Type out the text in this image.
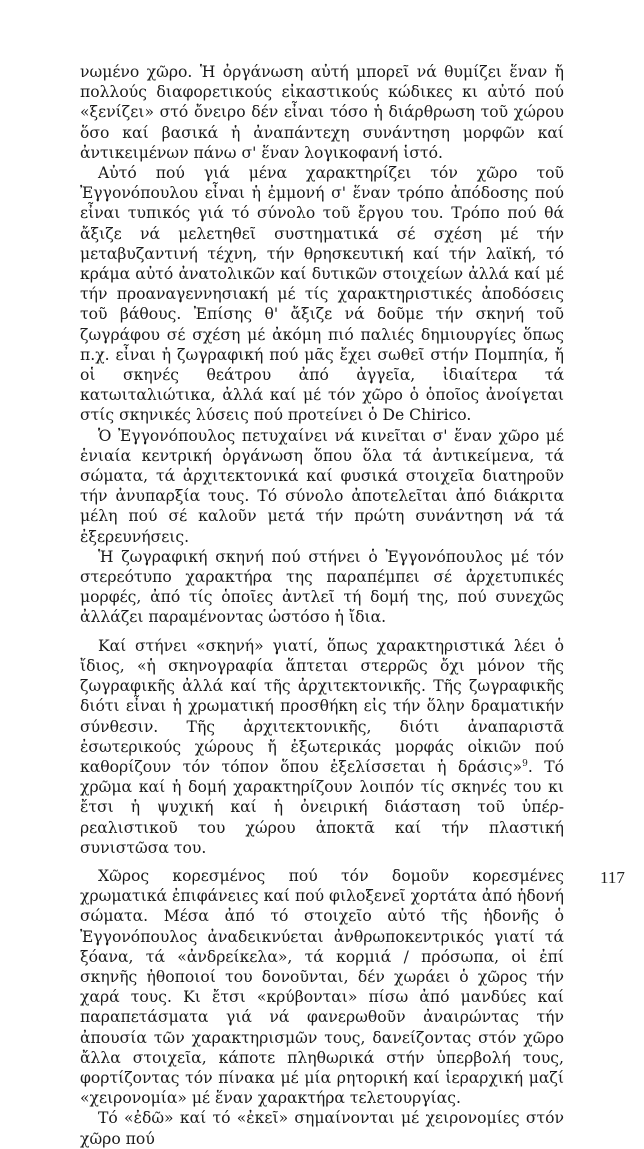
νωμένο χῶρο. Ἡ ὀργάνωση αὐτή μπορεῖ νά θυμίζει ἕναν ἤ πολλούς διαφορετικούς εἰκαστικούς κώδικες κι αὐτό πού «ξενίζει» στό ὄνειρο δέν εἶναι τόσο ἡ διάρθρωση τοῦ χώρου ὅσο καί βασικά ἡ ἀναπάντεχη συνάντηση μορφῶν καί ἀντικειμένων πάνω σ' ἕναν λογικοφανή ἱστό.

Αὐτό πού γιά μένα χαρακτηρίζει τόν χῶρο τοῦ Ἐγγονόπουλου εἶναι ἡ ἐμμονή σ' ἕναν τρόπο ἀπόδοσης πού εἶναι τυπικός γιά τό σύνολο τοῦ ἔργου του. Τρόπο πού θά ἄξιζε νά μελετηθεῖ συστηματικά σέ σχέση μέ τήν μεταβυζαντινή τέχνη, τήν θρησκευτική καί τήν λαϊκή, τό κράμα αὐτό ἀνατολικῶν καί δυτικῶν στοιχείων ἀλλά καί μέ τήν προαναγεννησιακή μέ τίς χαρακτηριστικές ἀποδόσεις τοῦ βάθους. Ἐπίσης θ' ἄξιζε νά δοῦμε τήν σκηνή τοῦ ζωγράφου σέ σχέση μέ ἀκόμη πιό παλιές δημιουργίες ὅπως π.χ. εἶναι ἡ ζωγραφική πού μᾶς ἔχει σωθεῖ στήν Πομπηία, ἤ οἱ σκηνές θεάτρου ἀπό ἀγγεῖα, ἰδιαίτερα τά κατωιταλιώτικα, ἀλλά καί μέ τόν χῶρο ὁ ὁποῖος ἀνοίγεται στίς σκηνικές λύσεις πού προτείνει ὁ De Chirico.

Ὁ Ἐγγονόπουλος πετυχαίνει νά κινεῖται σ' ἕναν χῶρο μέ ἑνιαία κεντρική ὀργάνωση ὅπου ὅλα τά ἀντικείμενα, τά σώματα, τά ἀρχιτεκτονικά καί φυσικά στοιχεῖα διατηροῦν τήν ἀνυπαρξία τους. Τό σύνολο ἀποτελεῖται ἀπό διάκριτα μέλη πού σέ καλοῦν μετά τήν πρώτη συνάντηση νά τά ἐξερευνήσεις.

Ἡ ζωγραφική σκηνή πού στήνει ὁ Ἐγγονόπουλος μέ τόν στερεότυπο χαρακτήρα της παραπέμπει σέ ἀρχετυπικές μορφές, ἀπό τίς ὁποῖες ἀντλεῖ τή δομή της, πού συνεχῶς ἀλλάζει παραμένοντας ὡστόσο ἡ ἴδια.

Καί στήνει «σκηνή» γιατί, ὅπως χαρακτηριστικά λέει ὁ ἴδιος, «ἡ σκηνογραφία ἅπτεται στερρῶς ὄχι μόνον τῆς ζωγραφικῆς ἀλλά καί τῆς ἀρχιτεκτονικῆς. Τῆς ζωγραφικῆς διότι εἶναι ἡ χρωματική προσθήκη εἰς τήν ὅλην δραματικήν σύνθεσιν. Τῆς ἀρχιτεκτονικῆς, διότι ἀναπαριστᾶ ἐσωτερικούς χώρους ἤ ἐξωτερικάς μορφάς οἰκιῶν πού καθορίζουν τόν τόπον ὅπου ἐξελίσσεται ἡ δράσις»$^9$. Τό χρῶμα καί ἡ δομή χαρακτηρίζουν λοιπόν τίς σκηνές του κι ἔτσι ἡ ψυχική καί ἡ ὀνειρική διάσταση τοῦ ὑπέρ-ρεαλιστικοῦ του χώρου ἀποκτᾶ καί τήν πλαστική συνιστῶσα του.

Χῶρος κορεσμένος πού τόν δομοῦν κορεσμένες χρωματικά ἐπιφάνειες καί πού φιλοξενεῖ χορτάτα ἀπό ἡδονή σώματα. Μέσα ἀπό τό στοιχεῖο αὐτό τῆς ἡδονῆς ὁ Ἐγγονόπουλος ἀναδεικνύεται ἀνθρωποκεντρικός γιατί τά ξόανα, τά «ἀνδρείκελα», τά κορμιά / πρόσωπα, οἱ ἐπί σκηνῆς ἠθοποιοί του δονοῦνται, δέν χωράει ὁ χῶρος τήν χαρά τους. Κι ἔτσι «κρύβονται» πίσω ἀπό μανδύες καί παραπετάσματα γιά νά φανερωθοῦν ἀναιρώντας τήν ἀπουσία τῶν χαρακτηρισμῶν τους, δανείζοντας στόν χῶρο ἄλλα στοιχεῖα, κάποτε πληθωρικά στήν ὑπερβολή τους, φορτίζοντας τόν πίνακα μέ μία ρητορική καί ἱεραρχική μαζί «χειρονομία» μέ ἕναν χαρακτήρα τελετουργίας.

Τό «ἐδῶ» καί τό «ἐκεῖ» σημαίνονται μέ χειρονομίες στόν χῶρο πού

117
